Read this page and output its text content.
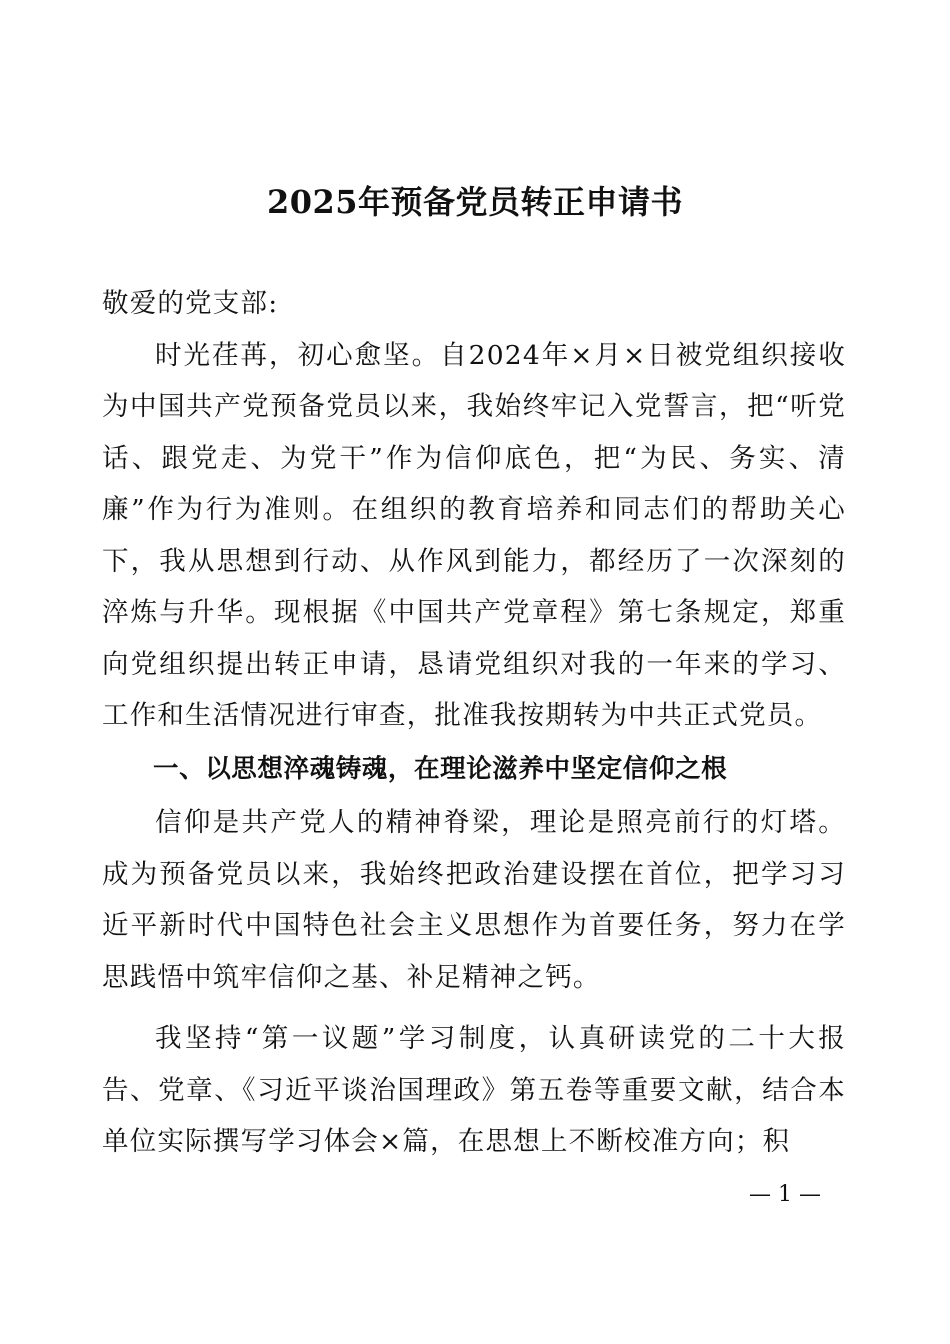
2025年预备党员转正申请书

敬爱的党支部:

时光荏苒，初心愈坚。自2024年×月×日被党组织接收为中国共产党预备党员以来，我始终牢记入党誓言，把“听党话、跟党走、为党干”作为信仰底色，把“为民、务实、清廉”作为行为准则。在组织的教育培养和同志们的帮助关心下，我从思想到行动、从作风到能力，都经历了一次深刻的淬炼与升华。现根据《中国共产党章程》第七条规定，郑重向党组织提出转正申请，恳请党组织对我的一年来的学习、工作和生活情况进行审查，批准我按期转为中共正式党员。

一、以思想淬魂铸魂，在理论滋养中坚定信仰之根

信仰是共产党人的精神脊梁，理论是照亮前行的灯塔。成为预备党员以来，我始终把政治建设摆在首位，把学习习近平新时代中国特色社会主义思想作为首要任务，努力在学思践悟中筑牢信仰之基、补足精神之钙。

我坚持“第一议题”学习制度，认真研读党的二十大报告、党章、《习近平谈治国理政》第五卷等重要文献，结合本单位实际撰写学习体会×篇，在思想上不断校准方向；积

— 1 —
